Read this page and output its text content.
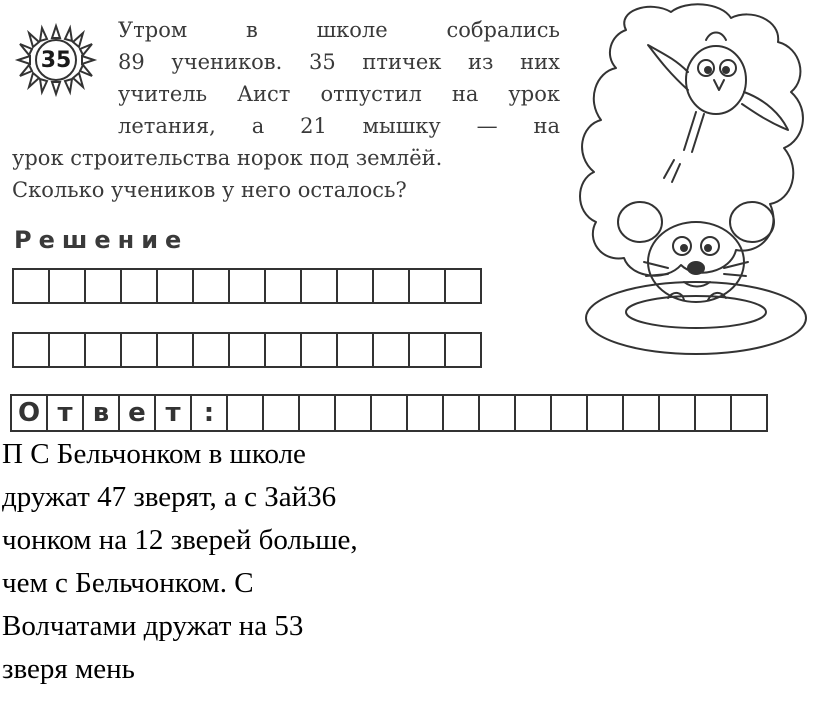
35
Утром в школе собрались
89 учеников. 35 птичек из них
учитель Аист отпустил на урок
летания, а 21 мышку — на
урок строительства норок под землёй.
Сколько учеников у него осталось?
Решение
О т в е т :
П С Бельчонком в школе
дружат 47 зверят, а с Зай36
чонком на 12 зверей больше,
чем с Бельчонком. С
Волчатами дружат на 53
зверя мень
